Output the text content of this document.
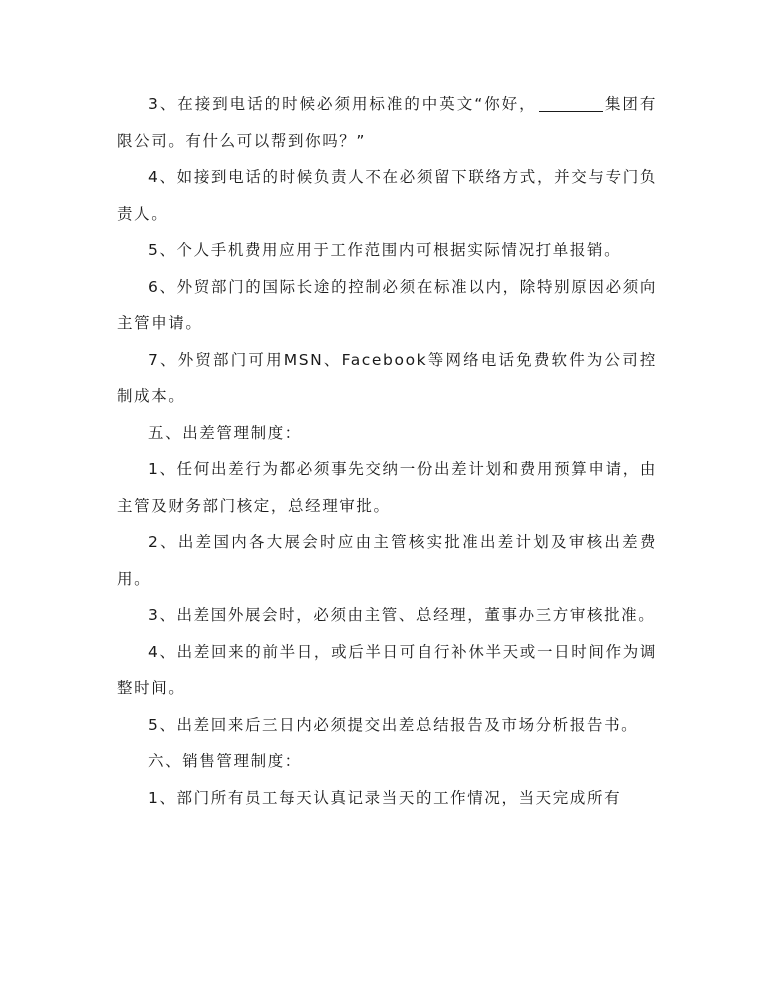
3、在接到电话的时候必须用标准的中英文“你好，	集团有限公司。有什么可以帮到你吗？”

4、如接到电话的时候负责人不在必须留下联络方式，并交与专门负责人。

5、个人手机费用应用于工作范围内可根据实际情况打单报销。

6、外贸部门的国际长途的控制必须在标准以内，除特别原因必须向主管申请。

7、外贸部门可用MSN、Facebook等网络电话免费软件为公司控制成本。

五、出差管理制度：

1、任何出差行为都必须事先交纳一份出差计划和费用预算申请，由主管及财务部门核定，总经理审批。

2、出差国内各大展会时应由主管核实批准出差计划及审核出差费用。

3、出差国外展会时，必须由主管、总经理，董事办三方审核批准。

4、出差回来的前半日，或后半日可自行补休半天或一日时间作为调整时间。

5、出差回来后三日内必须提交出差总结报告及市场分析报告书。

六、销售管理制度：

1、部门所有员工每天认真记录当天的工作情况，当天完成所有
